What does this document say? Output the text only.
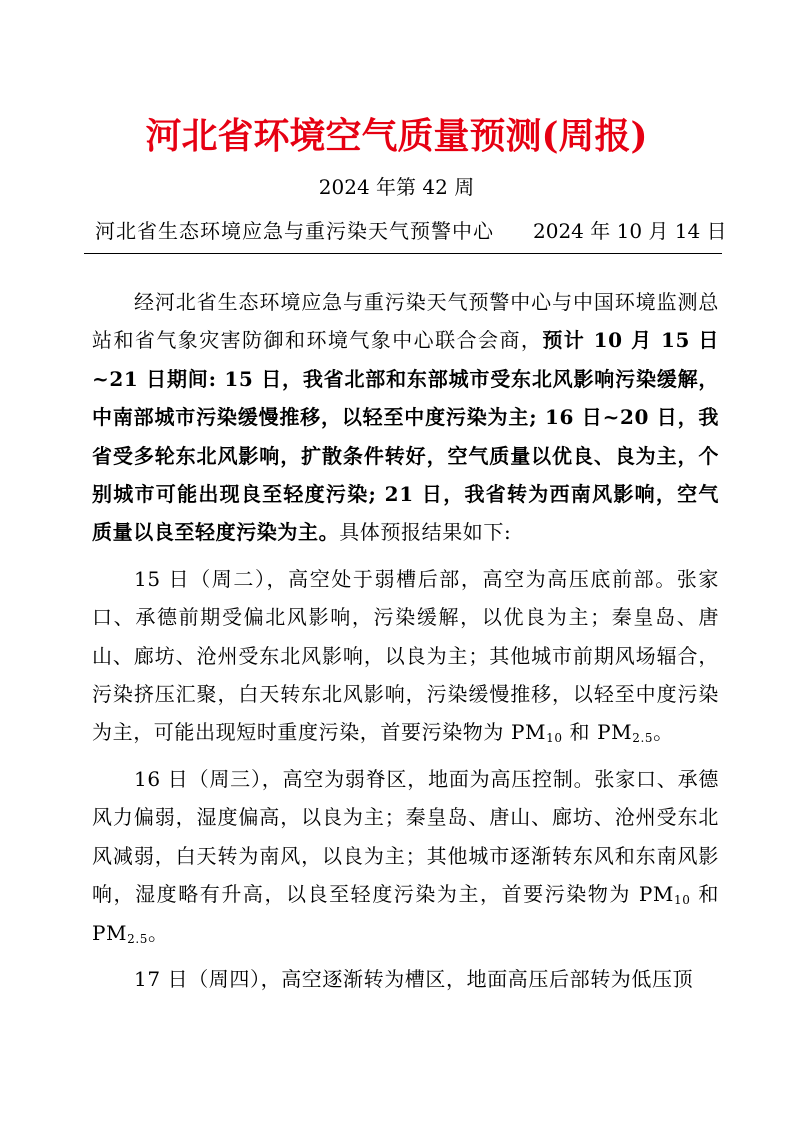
河北省环境空气质量预测(周报)
2024 年第 42 周
河北省生态环境应急与重污染天气预警中心 2024 年 10 月 14 日

经河北省生态环境应急与重污染天气预警中心与中国环境监测总站和省气象灾害防御和环境气象中心联合会商，预计 10 月 15 日~21 日期间: 15 日，我省北部和东部城市受东北风影响污染缓解，中南部城市污染缓慢推移，以轻至中度污染为主; 16 日~20 日，我省受多轮东北风影响，扩散条件转好，空气质量以优良、良为主，个别城市可能出现良至轻度污染; 21 日，我省转为西南风影响，空气质量以良至轻度污染为主。具体预报结果如下:

15 日（周二），高空处于弱槽后部，高空为高压底前部。张家口、承德前期受偏北风影响，污染缓解，以优良为主；秦皇岛、唐山、廊坊、沧州受东北风影响，以良为主；其他城市前期风场辐合，污染挤压汇聚，白天转东北风影响，污染缓慢推移，以轻至中度污染为主，可能出现短时重度污染，首要污染物为 $PM_{10}$ 和 $PM_{2.5}$。

16 日（周三），高空为弱脊区，地面为高压控制。张家口、承德风力偏弱，湿度偏高，以良为主；秦皇岛、唐山、廊坊、沧州受东北风减弱，白天转为南风，以良为主；其他城市逐渐转东风和东南风影响，湿度略有升高，以良至轻度污染为主，首要污染物为 $PM_{10}$ 和 $PM_{2.5}$。

17 日（周四），高空逐渐转为槽区，地面高压后部转为低压顶
